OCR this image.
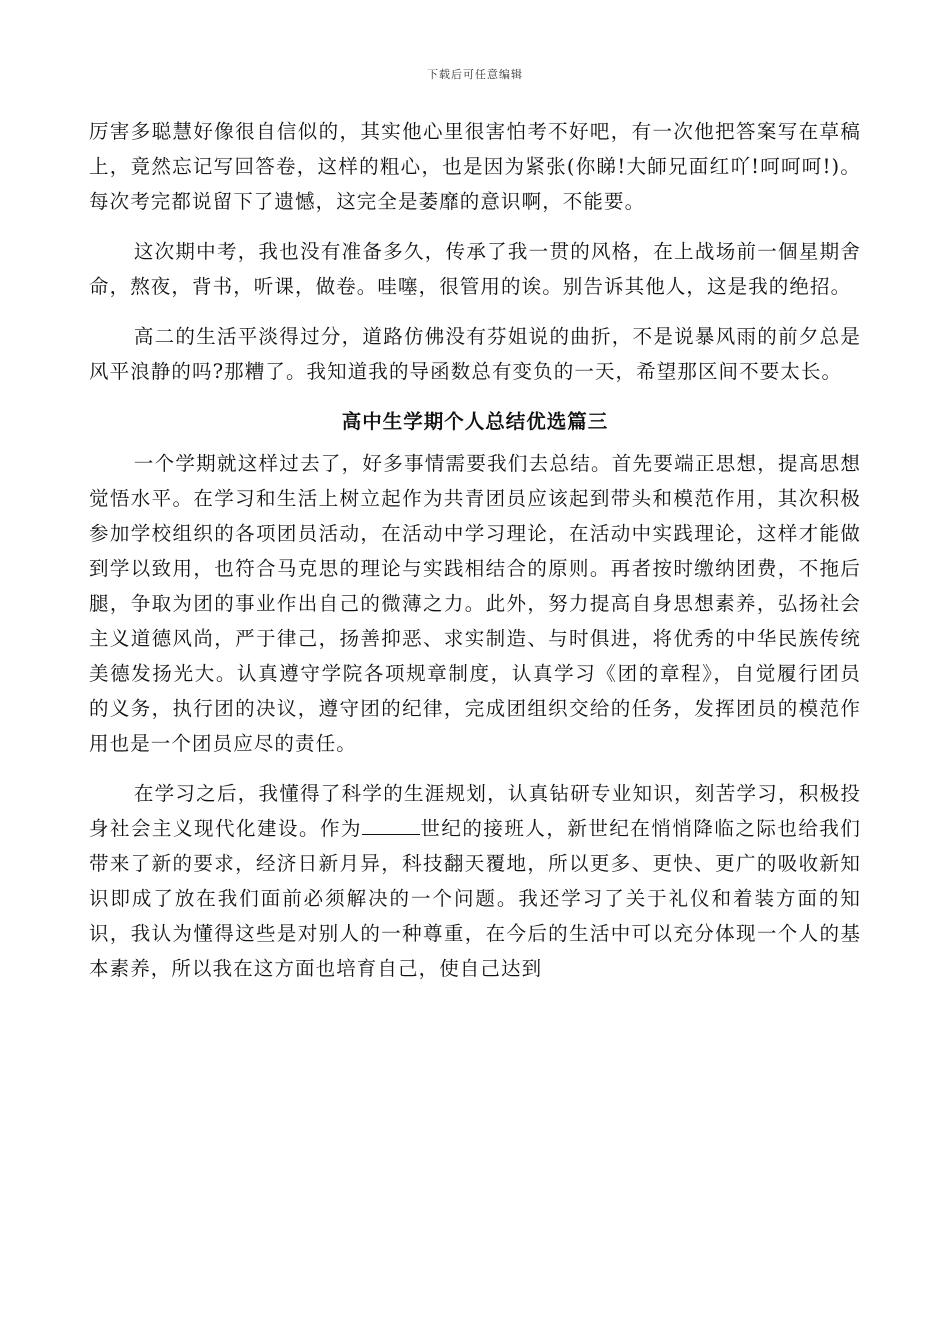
下载后可任意编辑

厉害多聪慧好像很自信似的，其实他心里很害怕考不好吧，有一次他把答案写在草稿上，竟然忘记写回答卷，这样的粗心，也是因为紧张(你睇!大師兄面红吖!呵呵呵!)。每次考完都说留下了遗憾，这完全是萎靡的意识啊，不能要。

这次期中考，我也没有准备多久，传承了我一贯的风格，在上战场前一個星期舍命，熬夜，背书，听课，做卷。哇噻，很管用的诶。别告诉其他人，这是我的绝招。

高二的生活平淡得过分，道路仿佛没有芬姐说的曲折，不是说暴风雨的前夕总是风平浪静的吗?那糟了。我知道我的导函数总有变负的一天，希望那区间不要太长。

高中生学期个人总结优选篇三

一个学期就这样过去了，好多事情需要我们去总结。首先要端正思想，提高思想觉悟水平。在学习和生活上树立起作为共青团员应该起到带头和模范作用，其次积极参加学校组织的各项团员活动，在活动中学习理论，在活动中实践理论，这样才能做到学以致用，也符合马克思的理论与实践相结合的原则。再者按时缴纳团费，不拖后腿，争取为团的事业作出自己的微薄之力。此外，努力提高自身思想素养，弘扬社会主义道德风尚，严于律己，扬善抑恶、求实制造、与时俱进，将优秀的中华民族传统美德发扬光大。认真遵守学院各项规章制度，认真学习《团的章程》，自觉履行团员的义务，执行团的决议，遵守团的纪律，完成团组织交给的任务，发挥团员的模范作用也是一个团员应尽的责任。

在学习之后，我懂得了科学的生涯规划，认真钻研专业知识，刻苦学习，积极投身社会主义现代化建设。作为	世纪的接班人，新世纪在悄悄降临之际也给我们带来了新的要求，经济日新月异，科技翻天覆地，所以更多、更快、更广的吸收新知识即成了放在我们面前必须解决的一个问题。我还学习了关于礼仪和着装方面的知识，我认为懂得这些是对别人的一种尊重，在今后的生活中可以充分体现一个人的基本素养，所以我在这方面也培育自己，使自己达到
